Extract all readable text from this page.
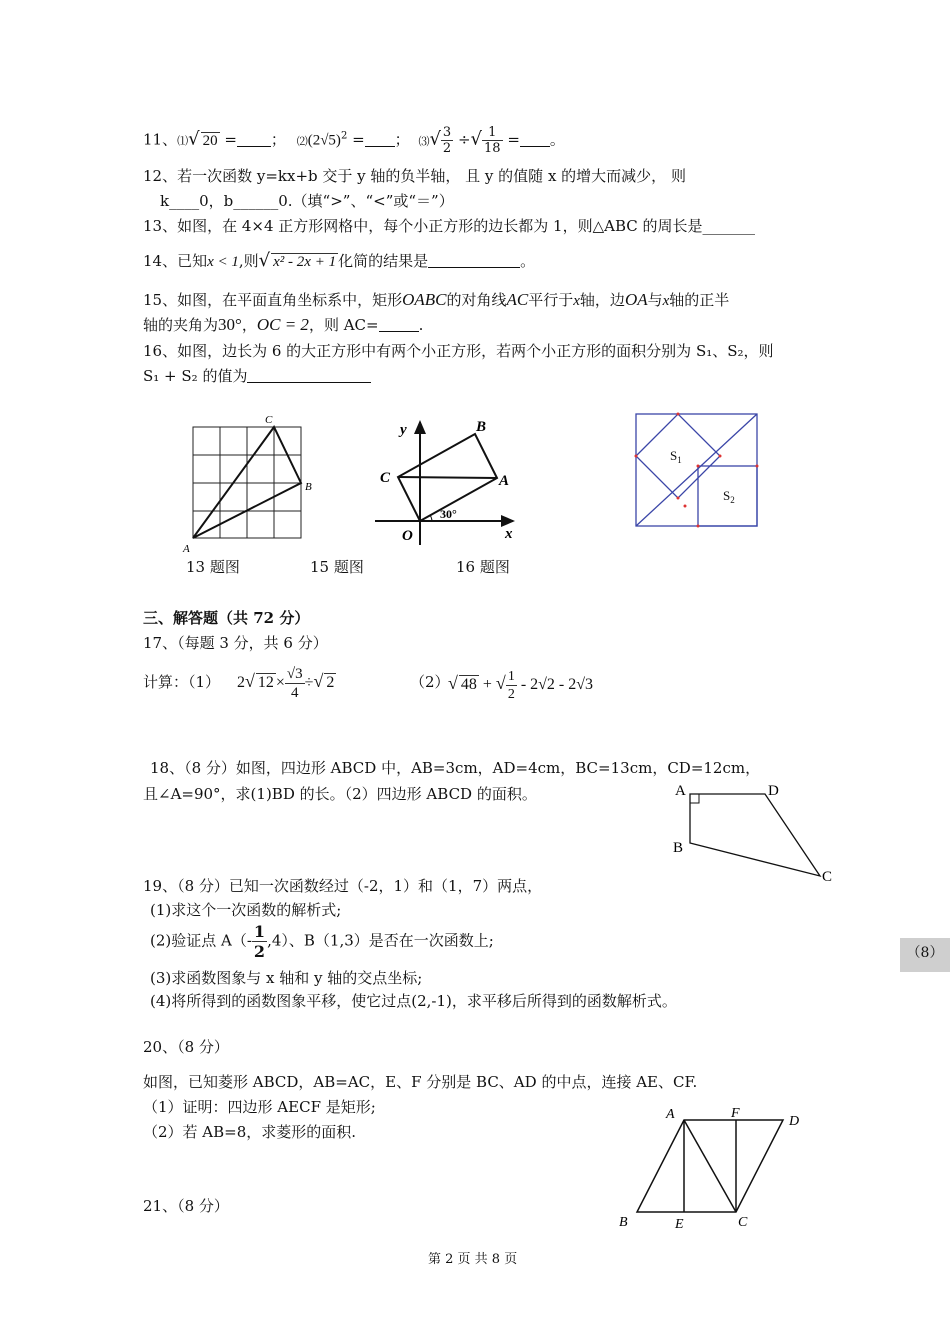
11、⑴√ 20 = ； $⑵(2√5)^2$ = ； ⑶√ $\frac{3}{2}$ ÷√ $\frac{1}{18}$ = 。
12、若一次函数 y=kx+b 交于 y 轴的负半轴， 且 y 的值随 x 的增大而减少， 则
k____0，b______0.（填“>”、“<”或“＝”）
13、如图，在 4×4 正方形网格中，每个小正方形的边长都为 1，则△ABC 的周长是_______
14、已知x < 1,则√ x² - 2x + 1 化简的结果是	。
15、如图，在平面直角坐标系中，矩形OABC的对角线AC平行于x轴，边OA与x轴的正半
轴的夹角为30°，OC = 2，则 AC=	.
16、如图，边长为 6 的大正方形中有两个小正方形，若两个小正方形的面积分别为 S₁、S₂，则
S₁ + S₂ 的值为
C
B
A
13 题图
y	B
C	A
O	x
30°
15 题图
$S_1$
$S_2$
16 题图
三、解答题（共 72 分）
17、（每题 3 分，共 6 分）
计算：（1） 2√ $12 \times \frac{√3}{4}$ ÷√ 2	（2）
√ 48 + √ $\frac{1}{2} - 2√2 - 2√3$
18、（8 分）如图，四边形 ABCD 中，AB=3cm，AD=4cm，BC=13cm，CD=12cm，
且∠A=90°，求(1)BD 的长。（2）四边形 ABCD 的面积。	A	D
B
C
19、（8 分）已知一次函数经过（-2，1）和（1，7）两点，
(1)求这个一次函数的解析式;
(2)验证点 $A(- \frac{1}{2} ,4)$、B（1,3）是否在一次函数上;
(3)求函数图象与 x 轴和 y 轴的交点坐标;
(4)将所得到的函数图象平移，使它过点(2,-1)，求平移后所得到的函数解析式。
（8）
20、（8 分）
如图，已知菱形 ABCD，AB=AC，E、F 分别是 BC、AD 的中点，连接 AE、CF.
（1）证明：四边形 AECF 是矩形;
（2）若 AB=8，求菱形的面积.
A	F
D
B	E	C
21、（8 分）
第 2 页 共 8 页
